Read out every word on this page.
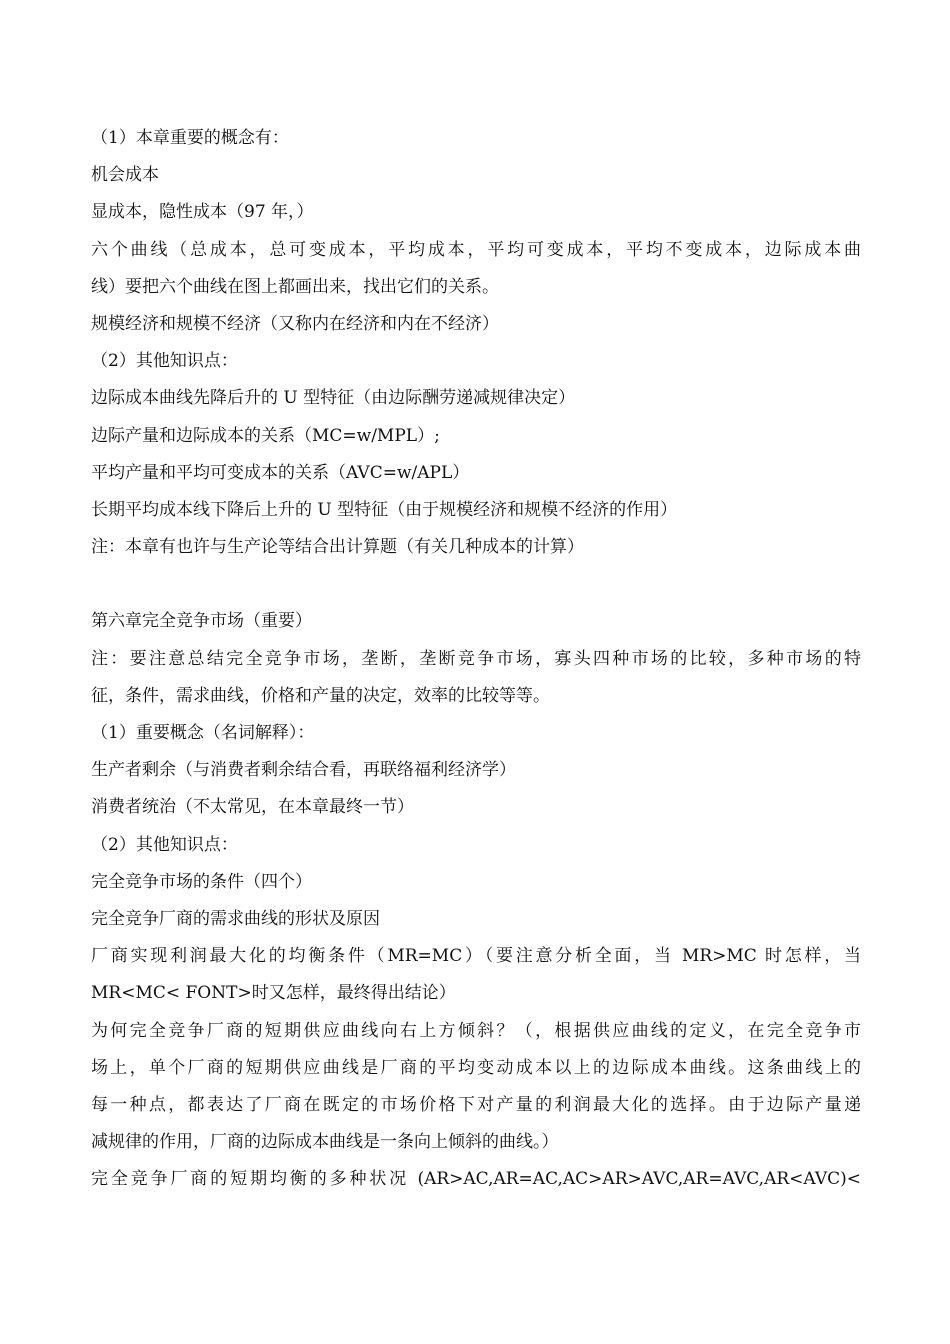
（1）本章重要的概念有：
机会成本
显成本，隐性成本（97 年，）
六个曲线（总成本，总可变成本，平均成本，平均可变成本，平均不变成本，边际成本曲
线）要把六个曲线在图上都画出来，找出它们的关系。
规模经济和规模不经济（又称内在经济和内在不经济）
（2）其他知识点：
边际成本曲线先降后升的 U 型特征（由边际酬劳递减规律决定）
边际产量和边际成本的关系（MC=w/MPL）;
平均产量和平均可变成本的关系（AVC=w/APL）
长期平均成本线下降后上升的 U 型特征（由于规模经济和规模不经济的作用）
注：本章有也许与生产论等结合出计算题（有关几种成本的计算）
第六章完全竞争市场（重要）
注：要注意总结完全竞争市场，垄断，垄断竞争市场，寡头四种市场的比较，多种市场的特
征，条件，需求曲线，价格和产量的决定，效率的比较等等。
（1）重要概念（名词解释）：
生产者剩余（与消费者剩余结合看，再联络福利经济学）
消费者统治（不太常见，在本章最终一节）
（2）其他知识点：
完全竞争市场的条件（四个）
完全竞争厂商的需求曲线的形状及原因
厂商实现利润最大化的均衡条件（MR=MC）（要注意分析全面，当 MR>MC 时怎样，当
MR<MC< FONT>时又怎样，最终得出结论）
为何完全竞争厂商的短期供应曲线向右上方倾斜？（，根据供应曲线的定义，在完全竞争市
场上，单个厂商的短期供应曲线是厂商的平均变动成本以上的边际成本曲线。这条曲线上的
每一种点，都表达了厂商在既定的市场价格下对产量的利润最大化的选择。由于边际产量递
减规律的作用，厂商的边际成本曲线是一条向上倾斜的曲线。）
完全竞争厂商的短期均衡的多种状况 (AR>AC,AR=AC,AC>AR>AVC,AR=AVC,AR<AVC)<
